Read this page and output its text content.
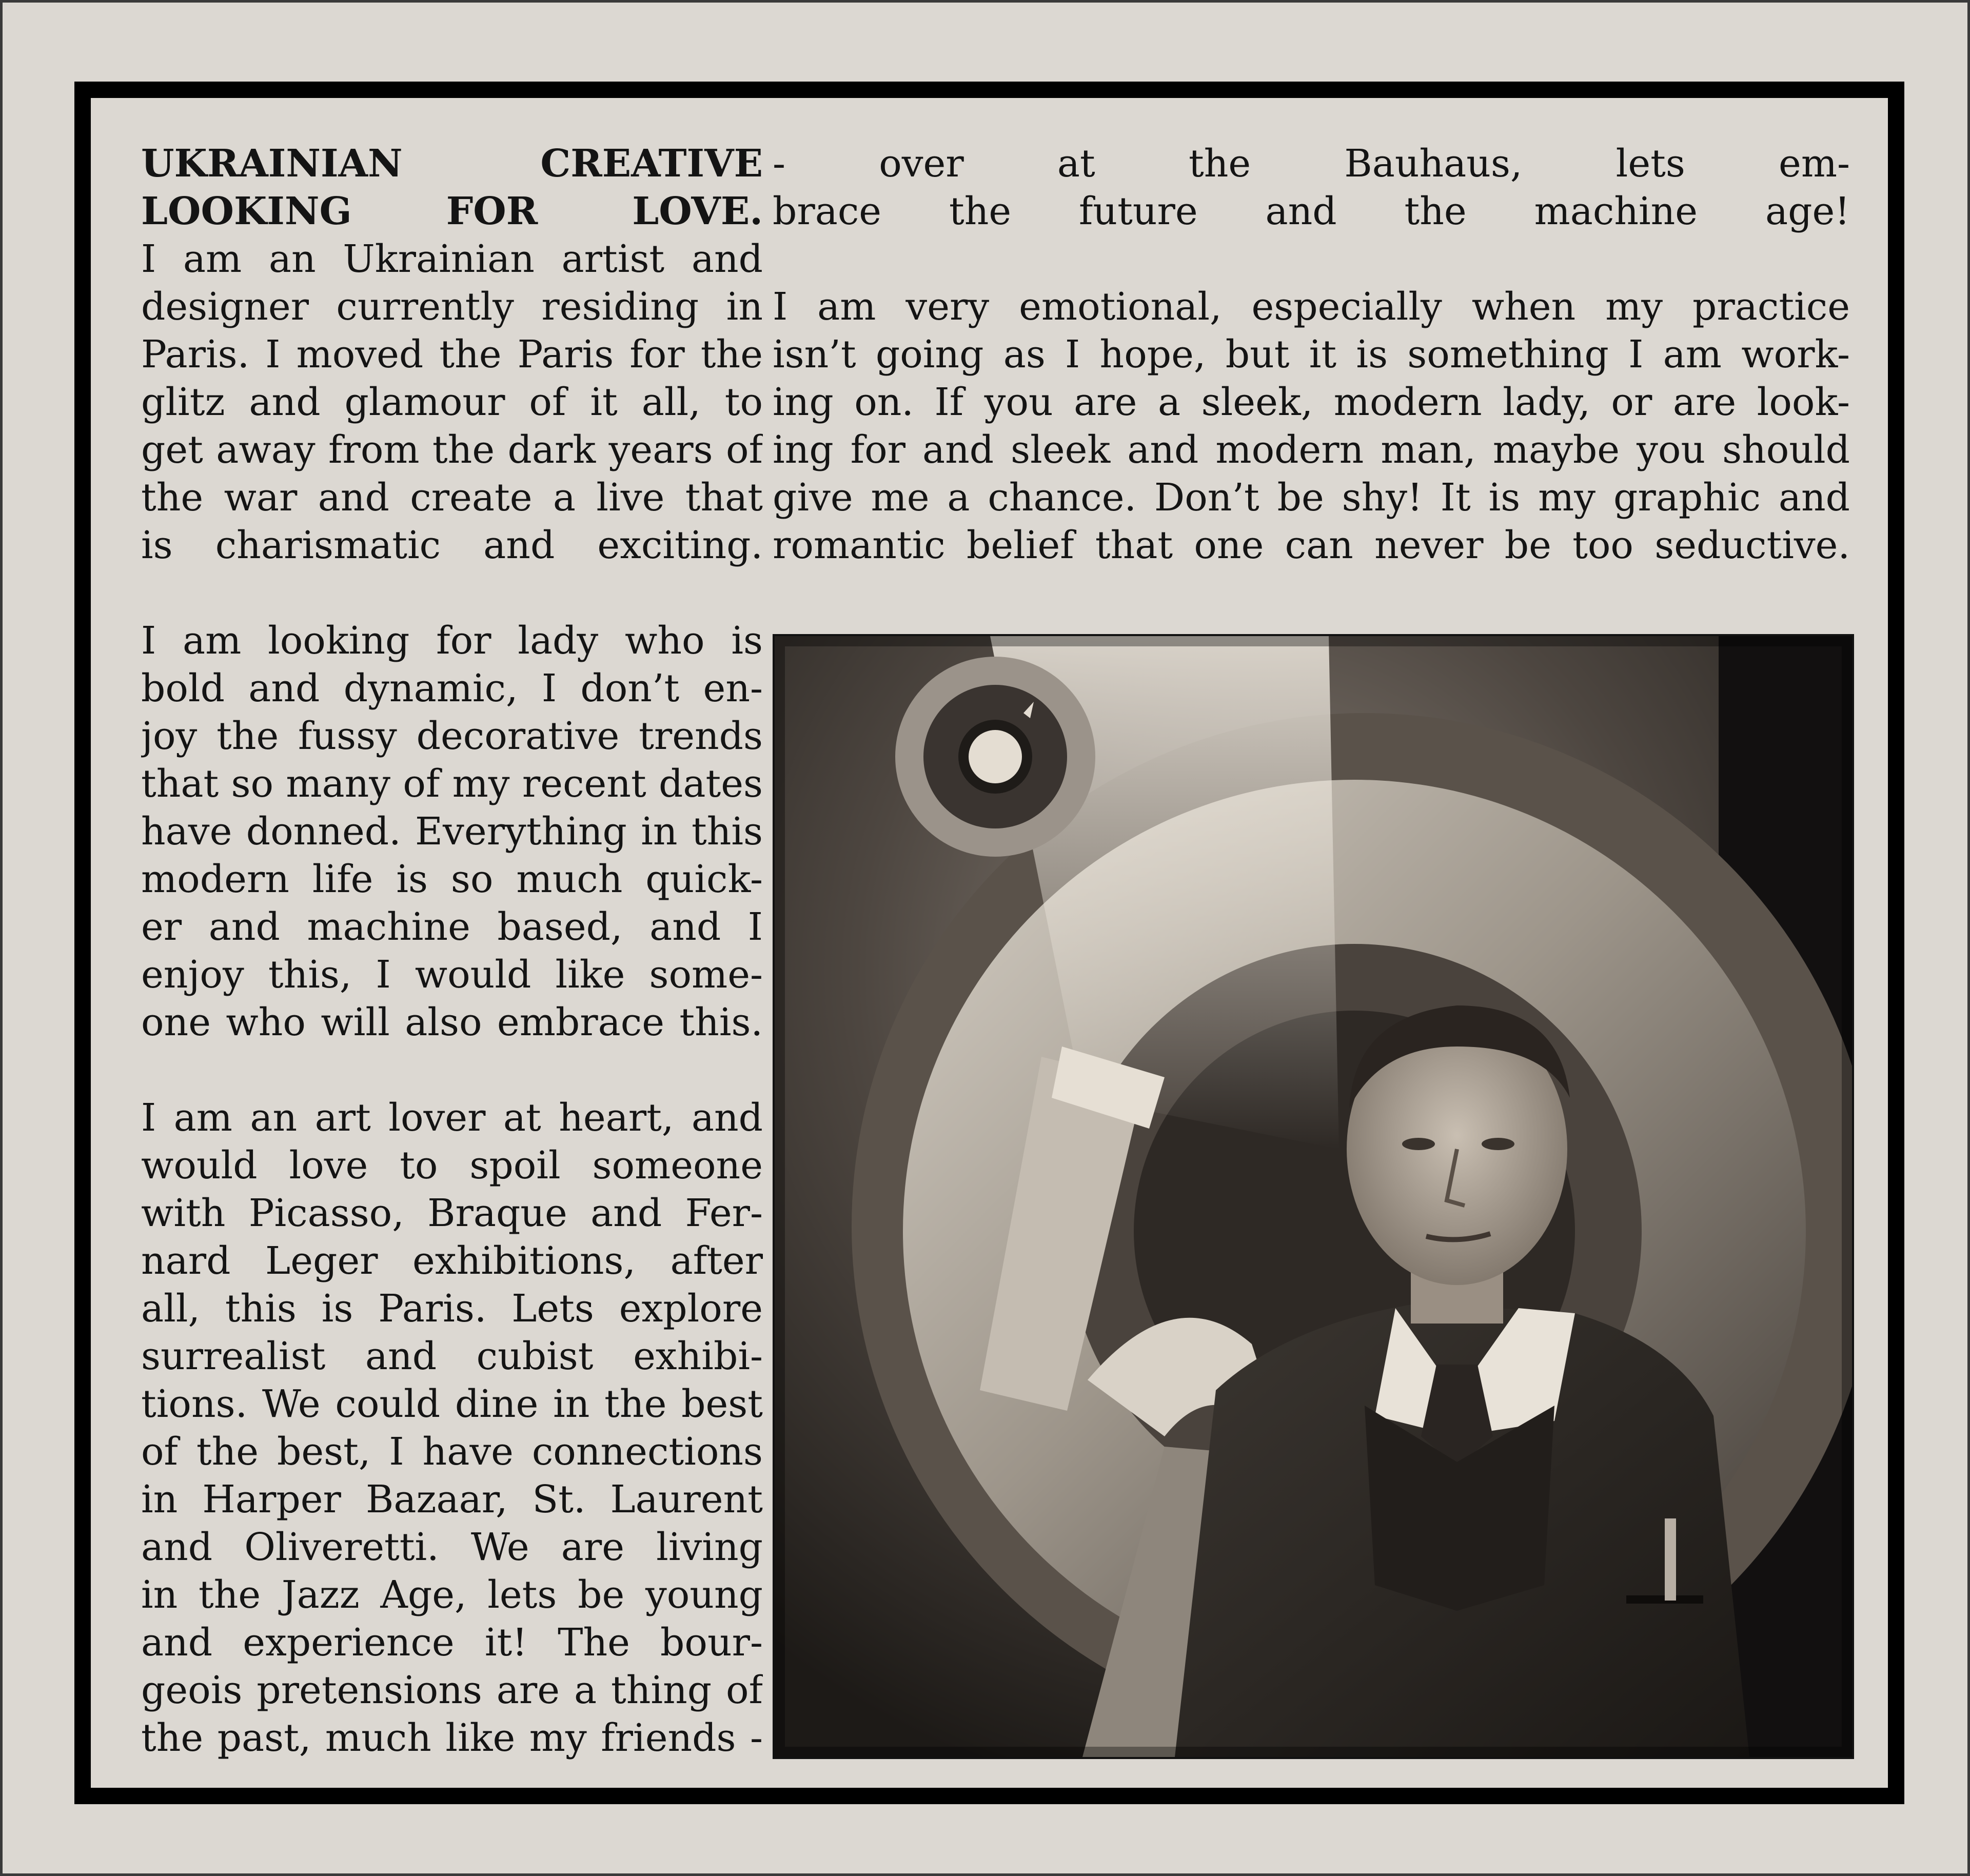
UKRAINIAN CREATIVE
LOOKING FOR LOVE.
I am an Ukrainian artist and
designer currently residing in
Paris. I moved the Paris for the
glitz and glamour of it all, to
get away from the dark years of
the war and create a live that
is charismatic and exciting.
I am looking for lady who is
bold and dynamic, I don’t en-
joy the fussy decorative trends
that so many of my recent dates
have donned. Everything in this
modern life is so much quick-
er and machine based, and I
enjoy this, I would like some-
one who will also embrace this.
I am an art lover at heart, and
would love to spoil someone
with Picasso, Braque and Fer-
nard Leger exhibitions, after
all, this is Paris. Lets explore
surrealist and cubist exhibi-
tions. We could dine in the best
of the best, I have connections
in Harper Bazaar, St. Laurent
and Oliveretti. We are living
in the Jazz Age, lets be young
and experience it! The bour-
geois pretensions are a thing of
the past, much like my friends -
- over at the Bauhaus, lets em-
brace the future and the machine age!
I am very emotional, especially when my practice
isn’t going as I hope, but it is something I am work-
ing on. If you are a sleek, modern lady, or are look-
ing for and sleek and modern man, maybe you should
give me a chance. Don’t be shy! It is my graphic and
romantic belief that one can never be too seductive.
